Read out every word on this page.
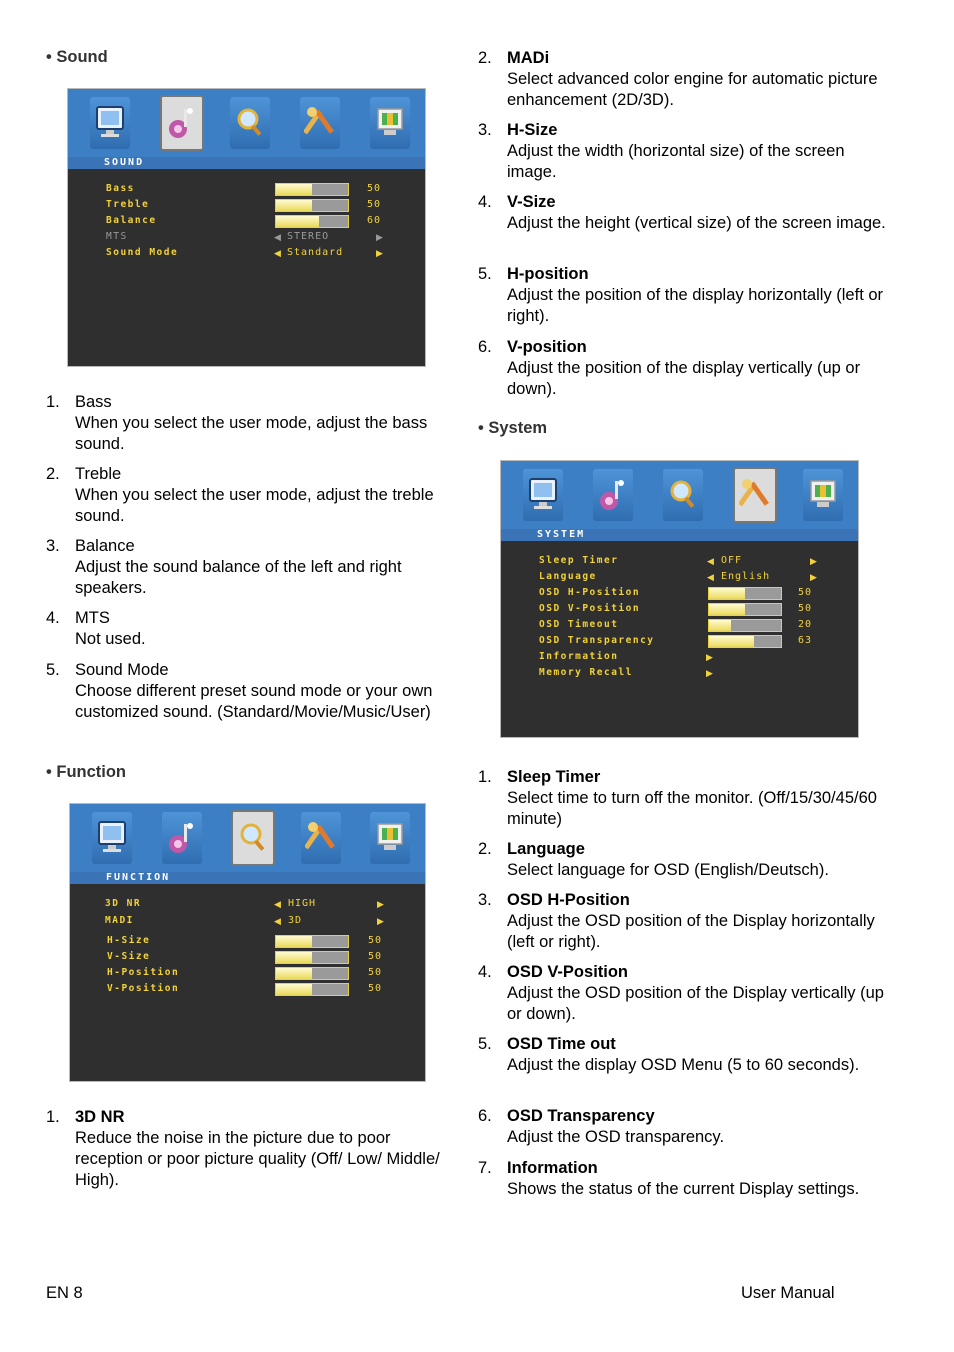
• Sound
SOUND
Bass	50
Treble	50
Balance	60
MTS	◀ STEREO	▶
Sound Mode	◀ Standard	▶
1. Bass
When you select the user mode, adjust the bass sound.
2. Treble
When you select the user mode, adjust the treble sound.
3. Balance
Adjust the sound balance of the left and right speakers.
4. MTS
Not used.
5. Sound Mode
Choose different preset sound mode or your own customized sound. (Standard/Movie/Music/User)
• Function
FUNCTION
3D NR	◀ HIGH	▶
MADI	◀ 3D	▶
H-Size	50
V-Size	50
H-Position	50
V-Position	50
1. 3D NR
Reduce the noise in the picture due to poor reception or poor picture quality (Off/ Low/ Middle/ High).
2. MADi
Select advanced color engine for automatic picture enhancement (2D/3D).
3. H-Size
Adjust the width (horizontal size) of the screen image.
4. V-Size
Adjust the height (vertical size) of the screen image.
5. H-position
Adjust the position of the display horizontally (left or right).
6. V-position
Adjust the position of the display vertically (up or down).
• System
SYSTEM
Sleep Timer	◀ OFF	▶
Language	◀ English	▶
OSD H-Position	50
OSD V-Position	50
OSD Timeout	20
OSD Transparency	63
Information	▶
Memory Recall	▶
1. Sleep Timer
Select time to turn off the monitor. (Off/15/30/45/60 minute)
2. Language
Select language for OSD (English/Deutsch).
3. OSD H-Position
Adjust the OSD position of the Display horizontally (left or right).
4. OSD V-Position
Adjust the OSD position of the Display vertically (up or down).
5. OSD Time out
Adjust the display OSD Menu (5 to 60 seconds).
6. OSD Transparency
Adjust the OSD transparency.
7. Information
Shows the status of the current Display settings.
EN 8	User Manual
